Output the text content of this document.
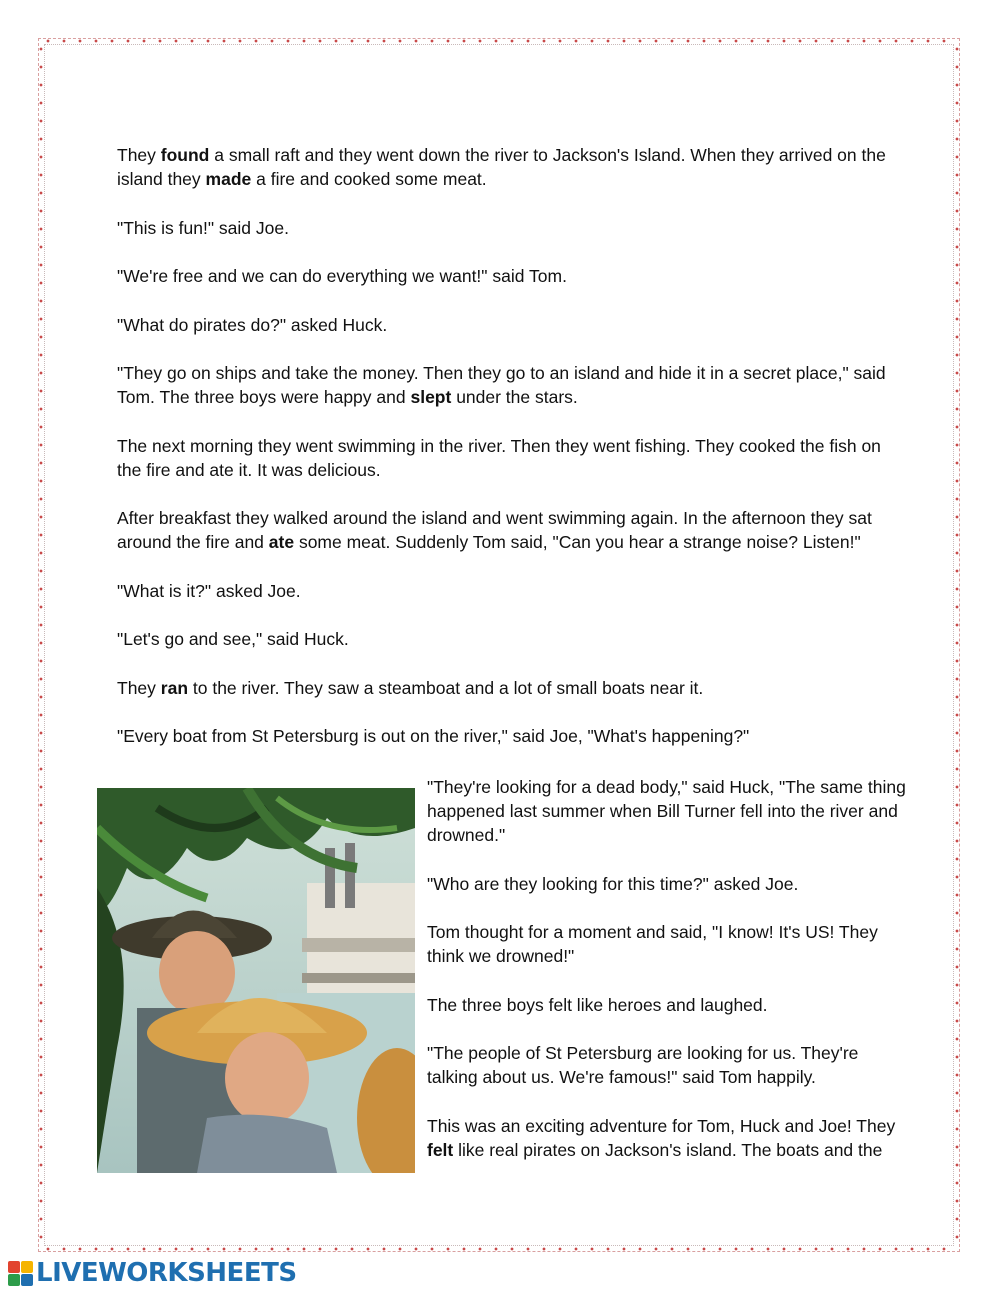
They found a small raft and they went down the river to Jackson's Island. When they arrived on the island they made a fire and cooked some meat.

"This is fun!" said Joe.

"We're free and we can do everything we want!" said Tom.

"What do pirates do?" asked Huck.

"They go on ships and take the money. Then they go to an island and hide it in a secret place," said Tom. The three boys were happy and slept under the stars.

The next morning they went swimming in the river. Then they went fishing. They cooked the fish on the fire and ate it. It was delicious.

After breakfast they walked around the island and went swimming again. In the afternoon they sat around the fire and ate some meat. Suddenly Tom said, "Can you hear a strange noise? Listen!"

"What is it?" asked Joe.

"Let's go and see," said Huck.

They ran to the river. They saw a steamboat and a lot of small boats near it.

"Every boat from St Petersburg is out on the river," said Joe, "What's happening?"

"They're looking for a dead body," said Huck, "The same thing happened last summer when Bill Turner fell into the river and drowned."

"Who are they looking for this time?" asked Joe.

Tom thought for a moment and said, "I know! It's US! They think we drowned!"

The three boys felt like heroes and laughed.

"The people of St Petersburg are looking for us. They're talking about us. We're famous!" said Tom happily.

This was an exciting adventure for Tom, Huck and Joe! They felt like real pirates on Jackson's island. The boats and the

LIVEWORKSHEETS
